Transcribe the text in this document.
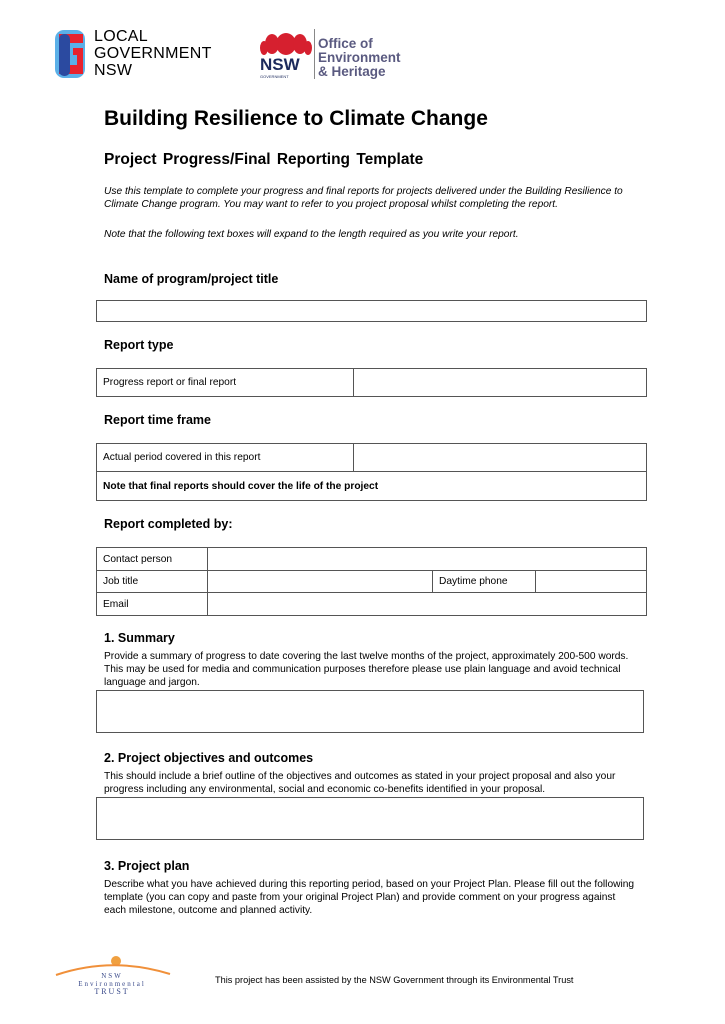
LOCAL
GOVERNMENT
NSW	NSW
GOVERNMENT
Office of
Environment
& Heritage
Building Resilience to Climate Change
Project Progress/Final Reporting Template
Use this template to complete your progress and final reports for projects delivered under the Building Resilience to Climate Change program. You may want to refer to you project proposal whilst completing the report.
Note that the following text boxes will expand to the length required as you write your report.
Name of program/project title
Report type
Progress report or final report	
Report time frame
Actual period covered in this report	
Note that final reports should cover the life of the project
Report completed by:
Contact person			
Job title		Daytime phone	
Email			
1. Summary
Provide a summary of progress to date covering the last twelve months of the project, approximately 200-500 words. This may be used for media and communication purposes therefore please use plain language and avoid technical language and jargon.
2. Project objectives and outcomes
This should include a brief outline of the objectives and outcomes as stated in your project proposal and also your progress including any environmental, social and economic co-benefits identified in your proposal.
3. Project plan
Describe what you have achieved during this reporting period, based on your Project Plan. Please fill out the following template (you can copy and paste from your original Project Plan) and provide comment on your progress against each milestone, outcome and planned activity.
NSW
Environmental
TRUST
This project has been assisted by the NSW Government through its Environmental Trust
